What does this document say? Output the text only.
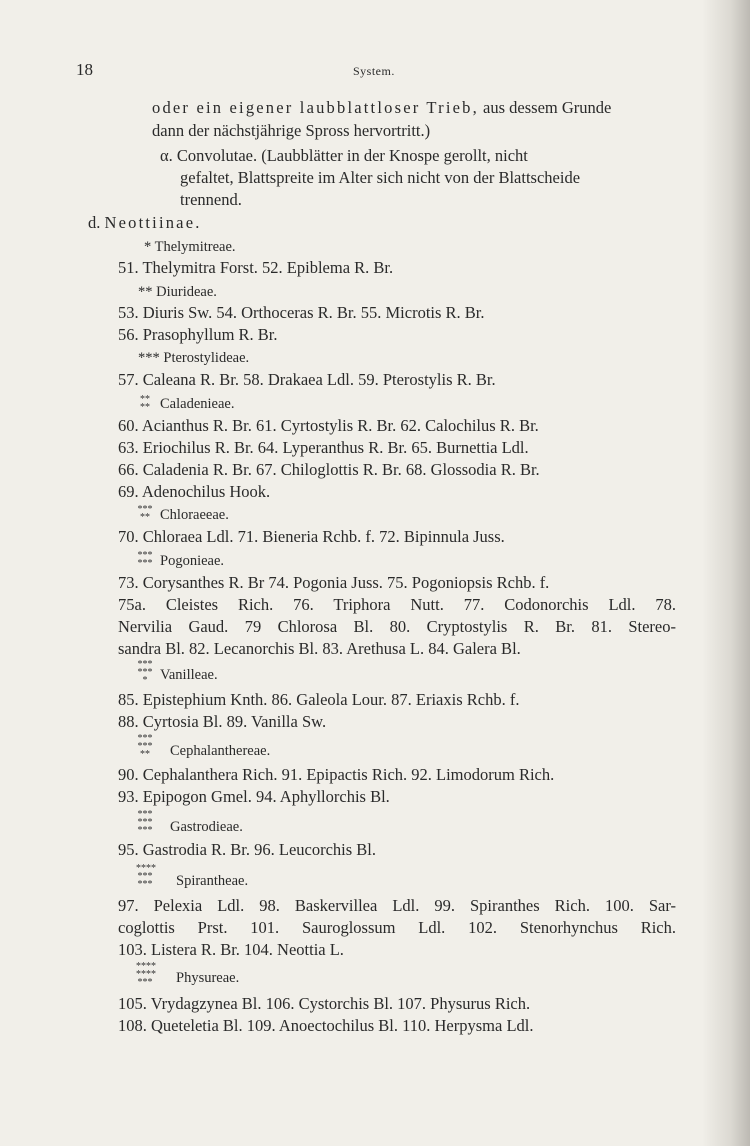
18	System.
oder ein eigener laubblattloser Trieb, aus dessem Grunde
dann der nächstjährige Spross hervortritt.)
α. Convolutae. (Laubblätter in der Knospe gerollt, nicht
gefaltet, Blattspreite im Alter sich nicht von der Blattscheide
trennend.
d. Neottiinae.
* Thelymitreae.
51. Thelymitra Forst. 52. Epiblema R. Br.
** Diurideae.
53. Diuris Sw. 54. Orthoceras R. Br. 55. Microtis R. Br.
56. Prasophyllum R. Br.
*** Pterostylideae.
57. Caleana R. Br. 58. Drakaea Ldl. 59. Pterostylis R. Br.
**
** Caladenieae.
60. Acianthus R. Br. 61. Cyrtostylis R. Br. 62. Calochilus R. Br.
63. Eriochilus R. Br. 64. Lyperanthus R. Br. 65. Burnettia Ldl.
66. Caladenia R. Br. 67. Chiloglottis R. Br. 68. Glossodia R. Br.
69. Adenochilus Hook.
***
** Chloraeeae.
70. Chloraea Ldl. 71. Bieneria Rchb. f. 72. Bipinnula Juss.
***
*** Pogonieae.
73. Corysanthes R. Br 74. Pogonia Juss. 75. Pogoniopsis Rchb. f.
75a. Cleistes Rich. 76. Triphora Nutt. 77. Codonorchis Ldl. 78.
Nervilia Gaud. 79 Chlorosa Bl. 80. Cryptostylis R. Br. 81. Stereo-
sandra Bl. 82. Lecanorchis Bl. 83. Arethusa L. 84. Galera Bl.
***
***
* Vanilleae.
85. Epistephium Knth. 86. Galeola Lour. 87. Eriaxis Rchb. f.
88. Cyrtosia Bl. 89. Vanilla Sw.
***
***
** Cephalanthereae.
90. Cephalanthera Rich. 91. Epipactis Rich. 92. Limodorum Rich.
93. Epipogon Gmel. 94. Aphyllorchis Bl.
***
***
*** Gastrodieae.
95. Gastrodia R. Br. 96. Leucorchis Bl.
****
***
*** Spirantheae.
97. Pelexia Ldl. 98. Baskervillea Ldl. 99. Spiranthes Rich. 100. Sar-
coglottis Prst. 101. Sauroglossum Ldl. 102. Stenorhynchus Rich.
103. Listera R. Br. 104. Neottia L.
****
****
*** Physureae.
105. Vrydagzynea Bl. 106. Cystorchis Bl. 107. Physurus Rich.
108. Queteletia Bl. 109. Anoectochilus Bl. 110. Herpysma Ldl.
